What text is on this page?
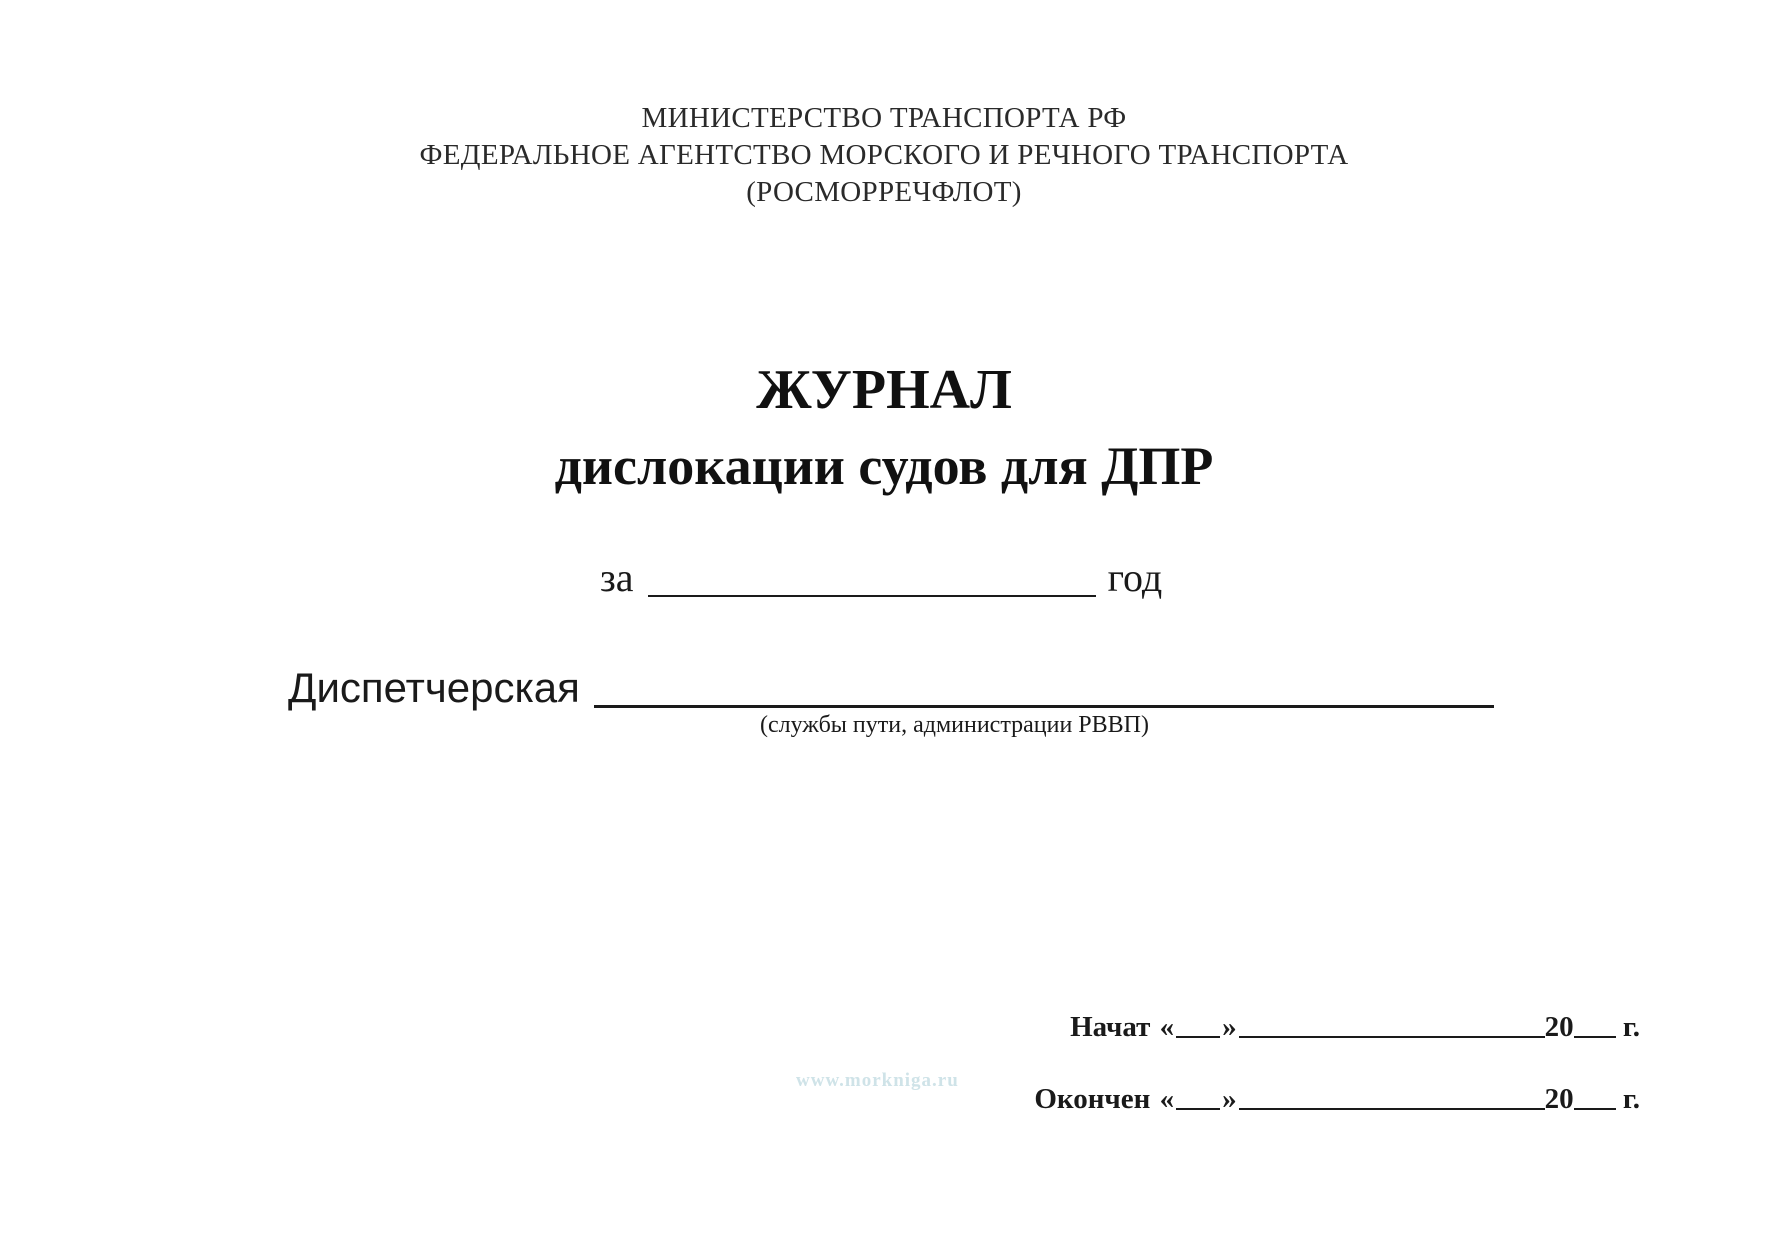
МИНИСТЕРСТВО ТРАНСПОРТА РФ
ФЕДЕРАЛЬНОЕ АГЕНТСТВО МОРСКОГО И РЕЧНОГО ТРАНСПОРТА
(РОСМОРРЕЧФЛОТ)
ЖУРНАЛ
дислокации судов для ДПР
за	год
Диспетчерская
(службы пути, администрации РВВП)
Начат « »	20 г.
Окончен « »	20 г.
www.morkniga.ru
